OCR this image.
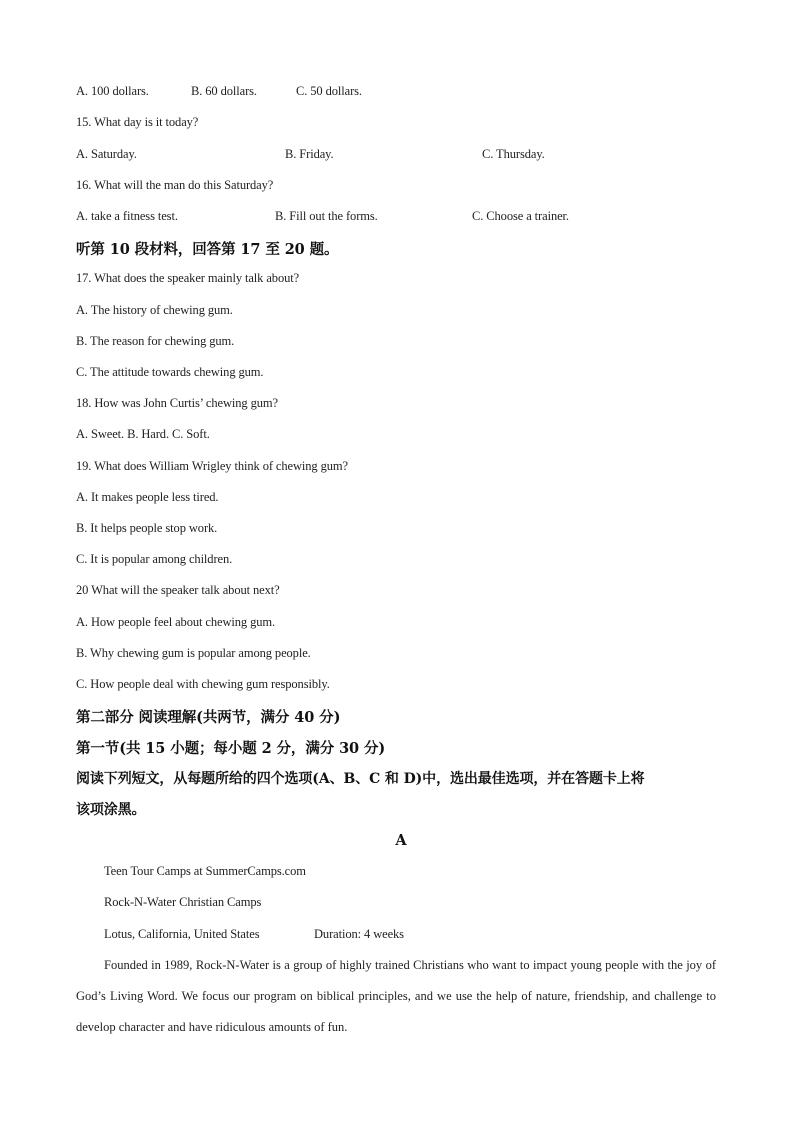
A. 100 dollars.	B. 60 dollars.	C. 50 dollars.
15. What day is it today?
A. Saturday.	B. Friday.	C. Thursday.
16. What will the man do this Saturday?
A. take a fitness test.	B. Fill out the forms.	C. Choose a trainer.
听第 10 段材料，回答第 17 至 20 题。
17. What does the speaker mainly talk about?
A. The history of chewing gum.
B. The reason for chewing gum.
C. The attitude towards chewing gum.
18. How was John Curtis’ chewing gum?
A. Sweet. B. Hard. C. Soft.
19. What does William Wrigley think of chewing gum?
A. It makes people less tired.
B. It helps people stop work.
C. It is popular among children.
20 What will the speaker talk about next?
A. How people feel about chewing gum.
B. Why chewing gum is popular among people.
C. How people deal with chewing gum responsibly.
第二部分 阅读理解(共两节，满分 40 分)
第一节(共 15 小题；每小题 2 分，满分 30 分)
阅读下列短文，从每题所给的四个选项(A、B、C 和 D)中，选出最佳选项，并在答题卡上将
该项涂黑。
A
Teen Tour Camps at SummerCamps.com
Rock-N-Water Christian Camps
Lotus, California, United States	Duration: 4 weeks
Founded in 1989, Rock-N-Water is a group of highly trained Christians who want to impact young people with the joy of God’s Living Word. We focus our program on biblical principles, and we use the help of nature, friendship, and challenge to develop character and have ridiculous amounts of fun.
